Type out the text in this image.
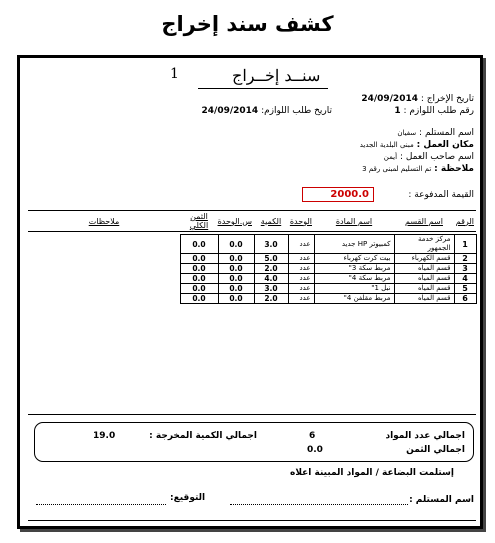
كشف سند إخراج
1	سنــد إخــراج
تاريخ الإخراج : 24/09/2014
رقم طلب اللوازم : 1
تاريخ طلب اللوازم: 24/09/2014
اسم المستلم : سفيان
مكان العمل : مبنى البلدية الجديد
اسم صاحب العمل : أيمن
ملاحظة : تم التسليم لمبنى رقم 3
القيمة المدفوعة :
2000.0
الرقم	اسم القسم	اسم المادة	الوحدة	الكمية	س.الوحدة	الثمن الكلي	ملاحظات

1	مركز خدمة الجمهور	كمبيوتر HP جديد	عدد	3.0	0.0	0.0	
2	قسم الكهرباء	بيت كرت كهرباء	عدد	5.0	0.0	0.0	
3	قسم المياه	مربط سكة 3"	عدد	2.0	0.0	0.0	
4	قسم المياه	مربط سكة 4"	عدد	4.0	0.0	0.0	
5	قسم المياه	نبل 1"	عدد	3.0	0.0	0.0	
6	قسم المياه	مربط مقلفن 4"	عدد	2.0	0.0	0.0	
اجمالي عدد المواد
6
اجمالي الثمن
0.0
اجمالي الكمية المخرجة :
19.0
إستلمت البضاعة / المواد المبينة اعلاه
اسم المستلم :
التوقيع:
